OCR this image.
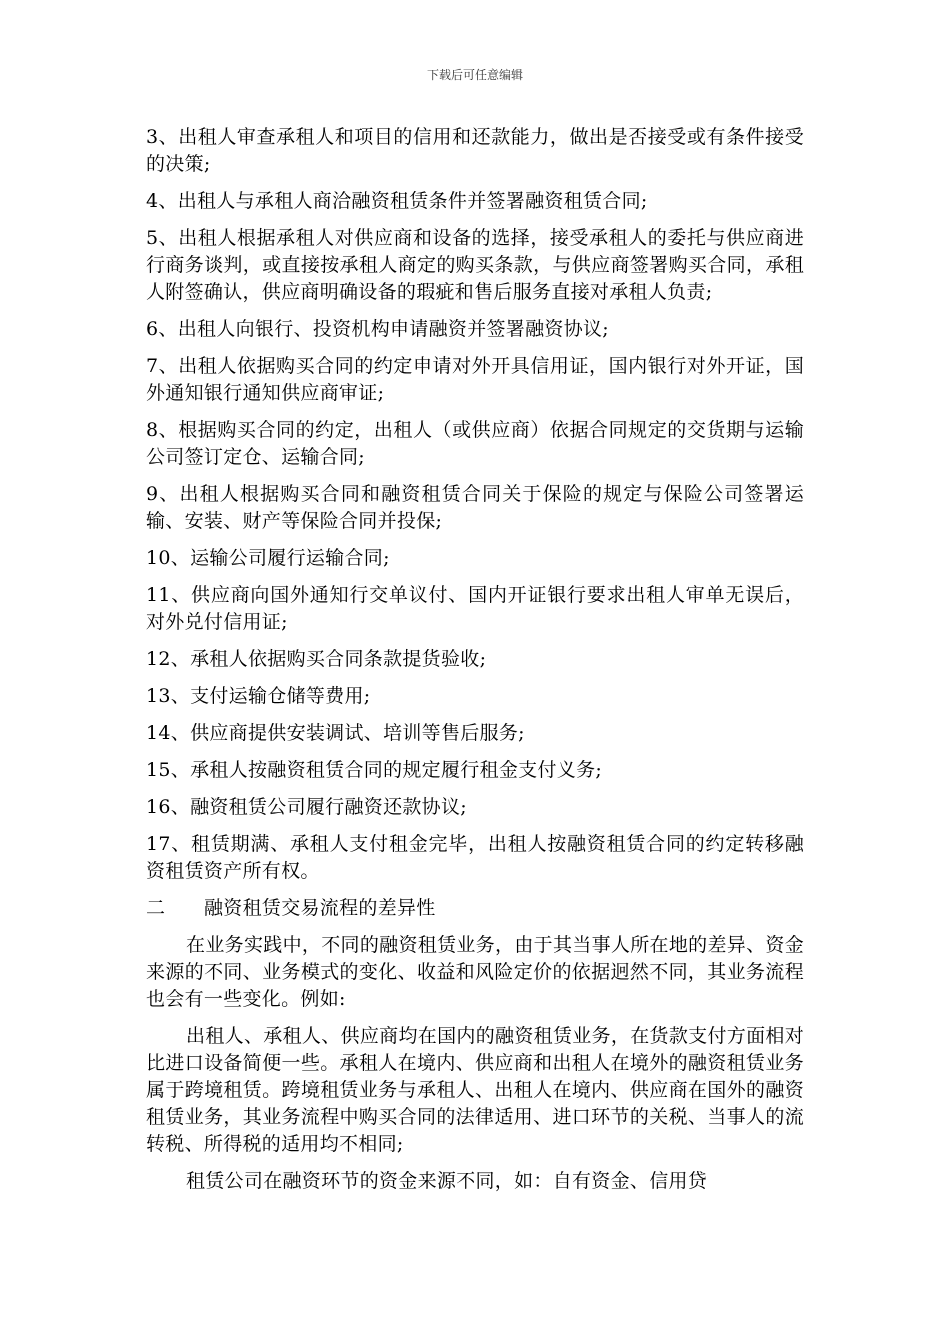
下载后可任意编辑

3、出租人审查承租人和项目的信用和还款能力，做出是否接受或有条件接受的决策;

4、出租人与承租人商洽融资租赁条件并签署融资租赁合同;

5、出租人根据承租人对供应商和设备的选择，接受承租人的委托与供应商进行商务谈判，或直接按承租人商定的购买条款，与供应商签署购买合同，承租人附签确认，供应商明确设备的瑕疵和售后服务直接对承租人负责;

6、出租人向银行、投资机构申请融资并签署融资协议;

7、出租人依据购买合同的约定申请对外开具信用证，国内银行对外开证，国外通知银行通知供应商审证;

8、根据购买合同的约定，出租人（或供应商）依据合同规定的交货期与运输公司签订定仓、运输合同;

9、出租人根据购买合同和融资租赁合同关于保险的规定与保险公司签署运输、安装、财产等保险合同并投保;

10、运输公司履行运输合同;

11、供应商向国外通知行交单议付、国内开证银行要求出租人审单无误后，对外兑付信用证;

12、承租人依据购买合同条款提货验收;

13、支付运输仓储等费用;

14、供应商提供安装调试、培训等售后服务;

15、承租人按融资租赁合同的规定履行租金支付义务;

16、融资租赁公司履行融资还款协议;

17、租赁期满、承租人支付租金完毕，出租人按融资租赁合同的约定转移融资租赁资产所有权。

二 融资租赁交易流程的差异性

在业务实践中，不同的融资租赁业务，由于其当事人所在地的差异、资金来源的不同、业务模式的变化、收益和风险定价的依据迥然不同，其业务流程也会有一些变化。例如:

出租人、承租人、供应商均在国内的融资租赁业务，在货款支付方面相对比进口设备简便一些。承租人在境内、供应商和出租人在境外的融资租赁业务属于跨境租赁。跨境租赁业务与承租人、出租人在境内、供应商在国外的融资租赁业务，其业务流程中购买合同的法律适用、进口环节的关税、当事人的流转税、所得税的适用均不相同;

租赁公司在融资环节的资金来源不同，如：自有资金、信用贷
